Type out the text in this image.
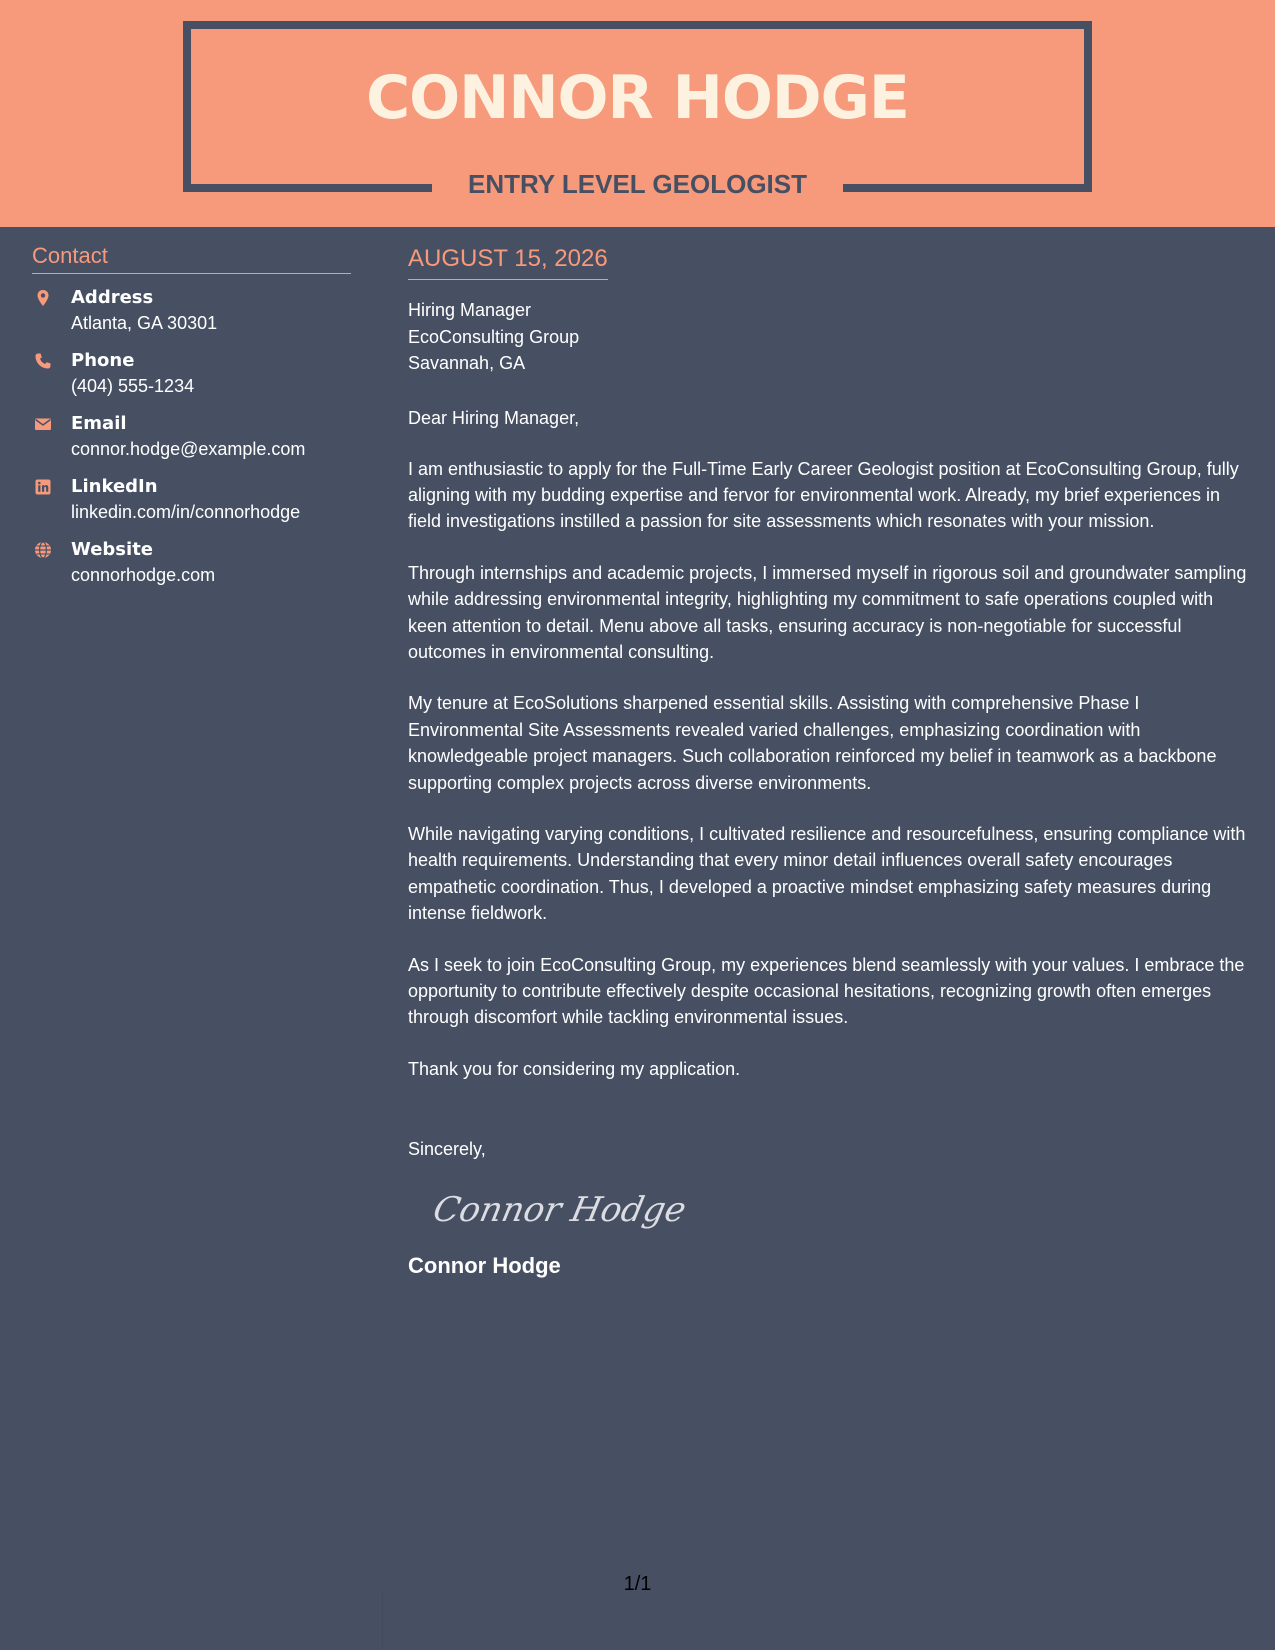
CONNOR HODGE
ENTRY LEVEL GEOLOGIST
Contact
Address
Atlanta, GA 30301
Phone
(404) 555-1234
Email
connor.hodge@example.com
LinkedIn
linkedin.com/in/connorhodge
Website
connorhodge.com
AUGUST 15, 2026
Hiring Manager
EcoConsulting Group
Savannah, GA
Dear Hiring Manager,

I am enthusiastic to apply for the Full-Time Early Career Geologist position at EcoConsulting Group, fully aligning with my budding expertise and fervor for environmental work. Already, my brief experiences in field investigations instilled a passion for site assessments which resonates with your mission.

Through internships and academic projects, I immersed myself in rigorous soil and groundwater sampling while addressing environmental integrity, highlighting my commitment to safe operations coupled with keen attention to detail. Menu above all tasks, ensuring accuracy is non-negotiable for successful outcomes in environmental consulting.

My tenure at EcoSolutions sharpened essential skills. Assisting with comprehensive Phase I Environmental Site Assessments revealed varied challenges, emphasizing coordination with knowledgeable project managers. Such collaboration reinforced my belief in teamwork as a backbone supporting complex projects across diverse environments.

While navigating varying conditions, I cultivated resilience and resourcefulness, ensuring compliance with health requirements. Understanding that every minor detail influences overall safety encourages empathetic coordination. Thus, I developed a proactive mindset emphasizing safety measures during intense fieldwork.

As I seek to join EcoConsulting Group, my experiences blend seamlessly with your values. I embrace the opportunity to contribute effectively despite occasional hesitations, recognizing growth often emerges through discomfort while tackling environmental issues.

Thank you for considering my application.
Sincerely,
Connor Hodge
Connor Hodge
1/1
